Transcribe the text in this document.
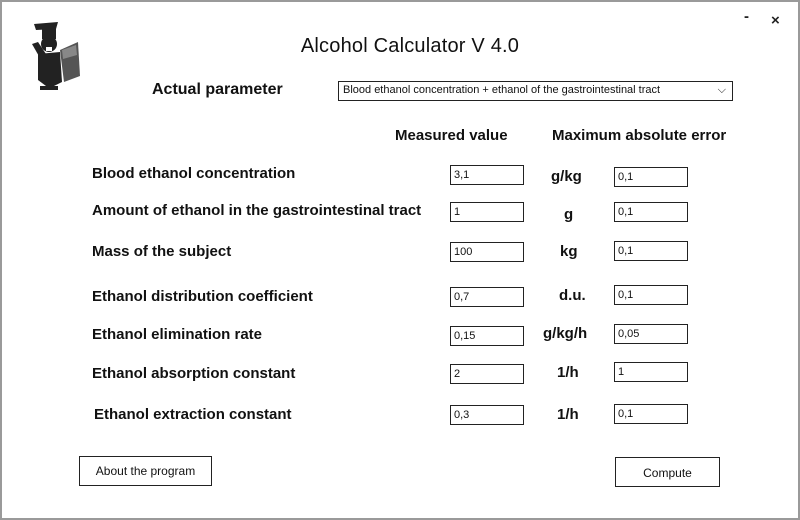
Alcohol Calculator V 4.0
- ×
Actual parameter	Blood ethanol concentration + ethanol of the gastrointestinal tract	⌵
Measured value	Maximum absolute error
Blood ethanol concentration	3,1	g/kg	0,1
Amount of ethanol in the gastrointestinal tract	1	g	0,1
Mass of the subject	100	kg	0,1
Ethanol distribution coefficient	0,7	d.u.	0,1
Ethanol elimination rate	0,15	g/kg/h	0,05
Ethanol absorption constant	2	1/h	1
Ethanol extraction constant	0,3	1/h	0,1
About the program	Compute
